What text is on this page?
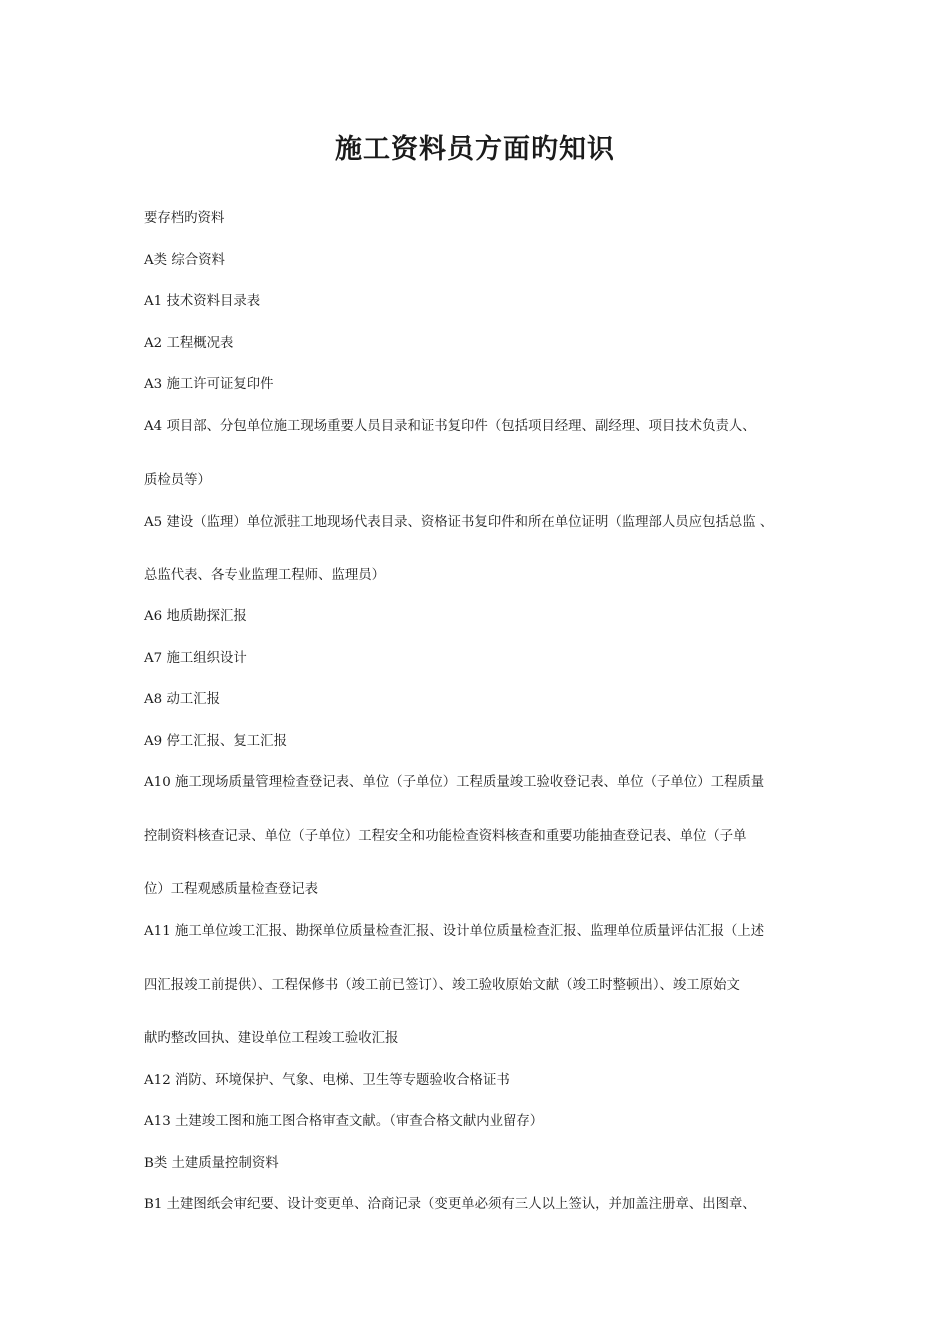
施工资料员方面旳知识

要存档旳资料

A类 综合资料

A1 技术资料目录表

A2 工程概况表

A3 施工许可证复印件

A4 项目部、分包单位施工现场重要人员目录和证书复印件（包括项目经理、副经理、项目技术负责人、

质检员等）

A5 建设（监理）单位派驻工地现场代表目录、资格证书复印件和所在单位证明（监理部人员应包括总监 、

总监代表、各专业监理工程师、监理员）

A6 地质勘探汇报

A7 施工组织设计

A8 动工汇报

A9 停工汇报、复工汇报

A10 施工现场质量管理检查登记表、单位（子单位）工程质量竣工验收登记表、单位（子单位）工程质量

控制资料核查记录、单位（子单位）工程安全和功能检查资料核查和重要功能抽查登记表、单位（子单

位）工程观感质量检查登记表

A11 施工单位竣工汇报、勘探单位质量检查汇报、设计单位质量检查汇报、监理单位质量评估汇报（上述

四汇报竣工前提供）、工程保修书（竣工前已签订）、竣工验收原始文献（竣工时整顿出）、竣工原始文

献旳整改回执、建设单位工程竣工验收汇报

A12 消防、环境保护、气象、电梯、卫生等专题验收合格证书

A13 土建竣工图和施工图合格审查文献。（审查合格文献内业留存）

B类 土建质量控制资料

B1 土建图纸会审纪要、设计变更单、洽商记录（变更单必须有三人以上签认，并加盖注册章、出图章、
